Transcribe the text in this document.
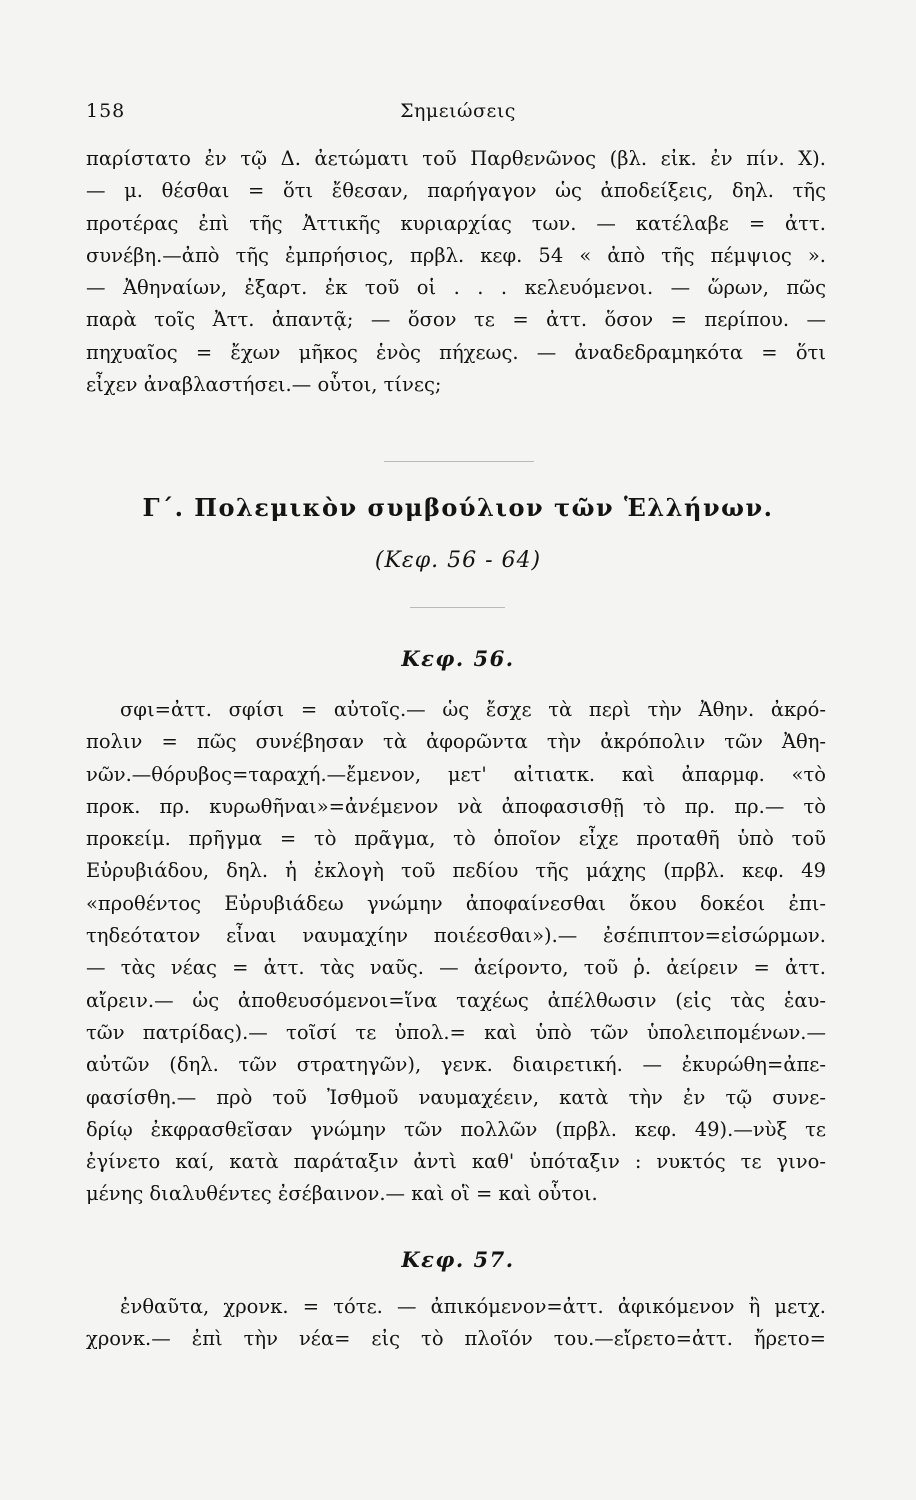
158	Σημειώσεις
παρίστατο ἐν τῷ Δ. ἀετώματι τοῦ Παρθενῶνος (βλ. εἰκ. ἐν πίν. Χ).
— μ. θέσθαι = ὅτι ἔθεσαν, παρήγαγον ὡς ἀποδείξεις, δηλ. τῆς
προτέρας ἐπὶ τῆς Ἀττικῆς κυριαρχίας των. — κατέλαβε = ἀττ.
συνέβη.—ἀπὸ τῆς ἐμπρήσιος, πρβλ. κεφ. 54 « ἀπὸ τῆς πέμψιος ».
— Ἀθηναίων, ἐξαρτ. ἐκ τοῦ οἱ . . . κελευόμενοι. — ὥρων, πῶς
παρὰ τοῖς Ἀττ. ἀπαντᾷ; — ὅσον τε = ἀττ. ὅσον = περίπου. —
πηχυαῖος = ἔχων μῆκος ἑνὸς πήχεως. — ἀναδεδραμηκότα = ὅτι
εἶχεν ἀναβλαστήσει.— οὗτοι, τίνες;
Γ΄. Πολεμικὸν συμβούλιον τῶν Ἑλλήνων.
(Κεφ. 56 - 64)
Κεφ. 56.
σφι=ἀττ. σφίσι = αὐτοῖς.— ὡς ἔσχε τὰ περὶ τὴν Ἀθην. ἀκρό-
πολιν = πῶς συνέβησαν τὰ ἀφορῶντα τὴν ἀκρόπολιν τῶν Ἀθη-
νῶν.—θόρυβος=ταραχή.—ἔμενον, μετ' αἰτιατκ. καὶ ἀπαρμφ. «τὸ
προκ. πρ. κυρωθῆναι»=ἀνέμενον νὰ ἀποφασισθῇ τὸ πρ. πρ.— τὸ
προκείμ. πρῆγμα = τὸ πρᾶγμα, τὸ ὁποῖον εἶχε προταθῆ ὑπὸ τοῦ
Εὐρυβιάδου, δηλ. ἡ ἐκλογὴ τοῦ πεδίου τῆς μάχης (πρβλ. κεφ. 49
«προθέντος Εὐρυβιάδεω γνώμην ἀποφαίνεσθαι ὅκου δοκέοι ἐπι-
τηδεότατον εἶναι ναυμαχίην ποιέεσθαι»).— ἐσέπιπτον=εἰσώρμων.
— τὰς νέας = ἀττ. τὰς ναῦς. — ἀείροντο, τοῦ ῥ. ἀείρειν = ἀττ.
αἴρειν.— ὡς ἀποθευσόμενοι=ἵνα ταχέως ἀπέλθωσιν (εἰς τὰς ἑαυ-
τῶν πατρίδας).— τοῖσί τε ὑπολ.= καὶ ὑπὸ τῶν ὑπολειπομένων.—
αὐτῶν (δηλ. τῶν στρατηγῶν), γενκ. διαιρετική. — ἐκυρώθη=ἀπε-
φασίσθη.— πρὸ τοῦ Ἰσθμοῦ ναυμαχέειν, κατὰ τὴν ἐν τῷ συνε-
δρίῳ ἐκφρασθεῖσαν γνώμην τῶν πολλῶν (πρβλ. κεφ. 49).—νὺξ τε
ἐγίνετο καί, κατὰ παράταξιν ἀντὶ καθ' ὑπόταξιν : νυκτός τε γινο-
μένης διαλυθέντες ἐσέβαινον.— καὶ οἳ = καὶ οὗτοι.
Κεφ. 57.
ἐνθαῦτα, χρονκ. = τότε. — ἀπικόμενον=ἀττ. ἀφικόμενον ἢ μετχ.
χρονκ.— ἐπὶ τὴν νέα= εἰς τὸ πλοῖόν του.—εἴρετο=ἀττ. ἤρετο=
